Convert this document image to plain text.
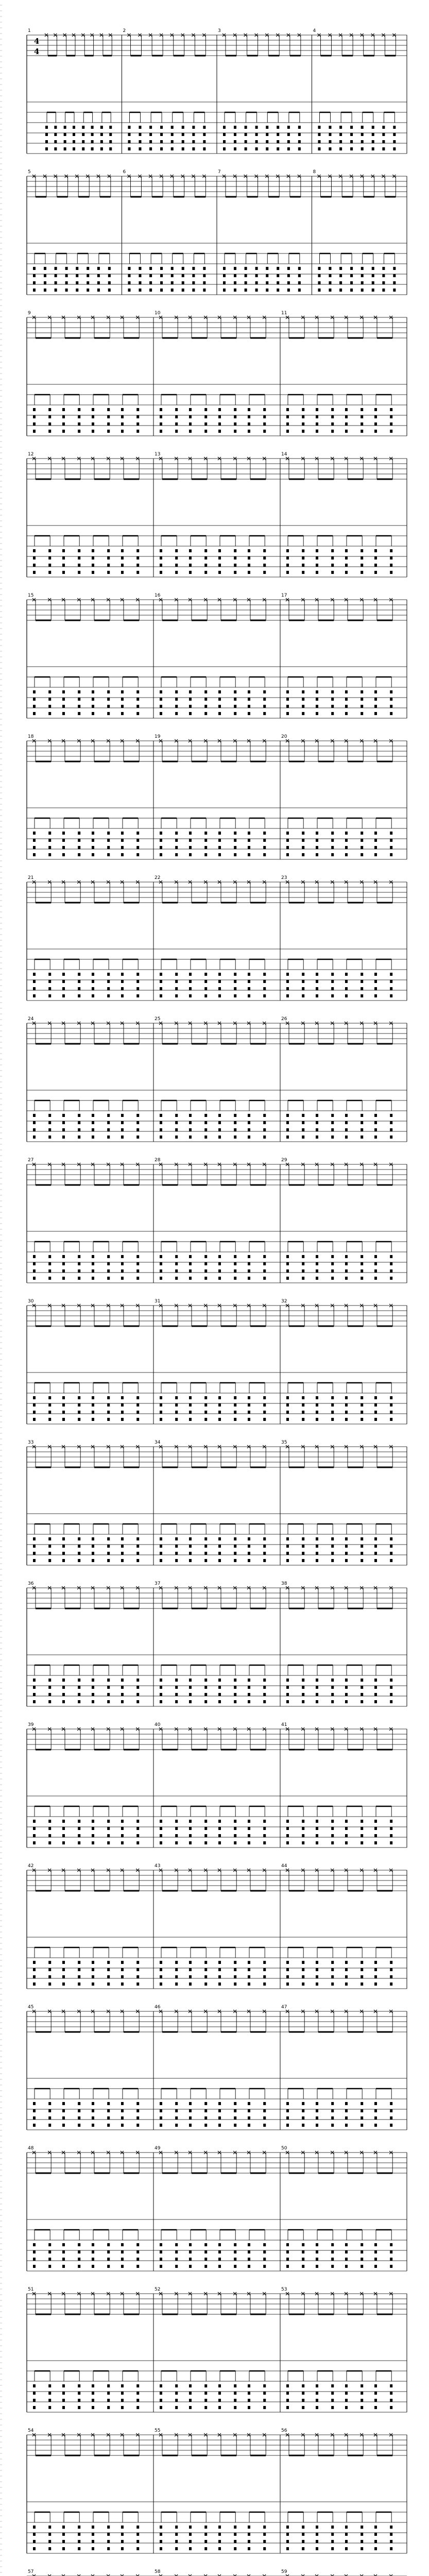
4
4
1	2	3	4
5	6	7	8
9	10	11
12	13	14
15	16	17
18	19	20
21	22	23
24	25	26
27	28	29
30	31	32
33	34	35
36	37	38
39	40	41
42	43	44
45	46	47
48	49	50
51	52	53
54	55	56
57	58	59
